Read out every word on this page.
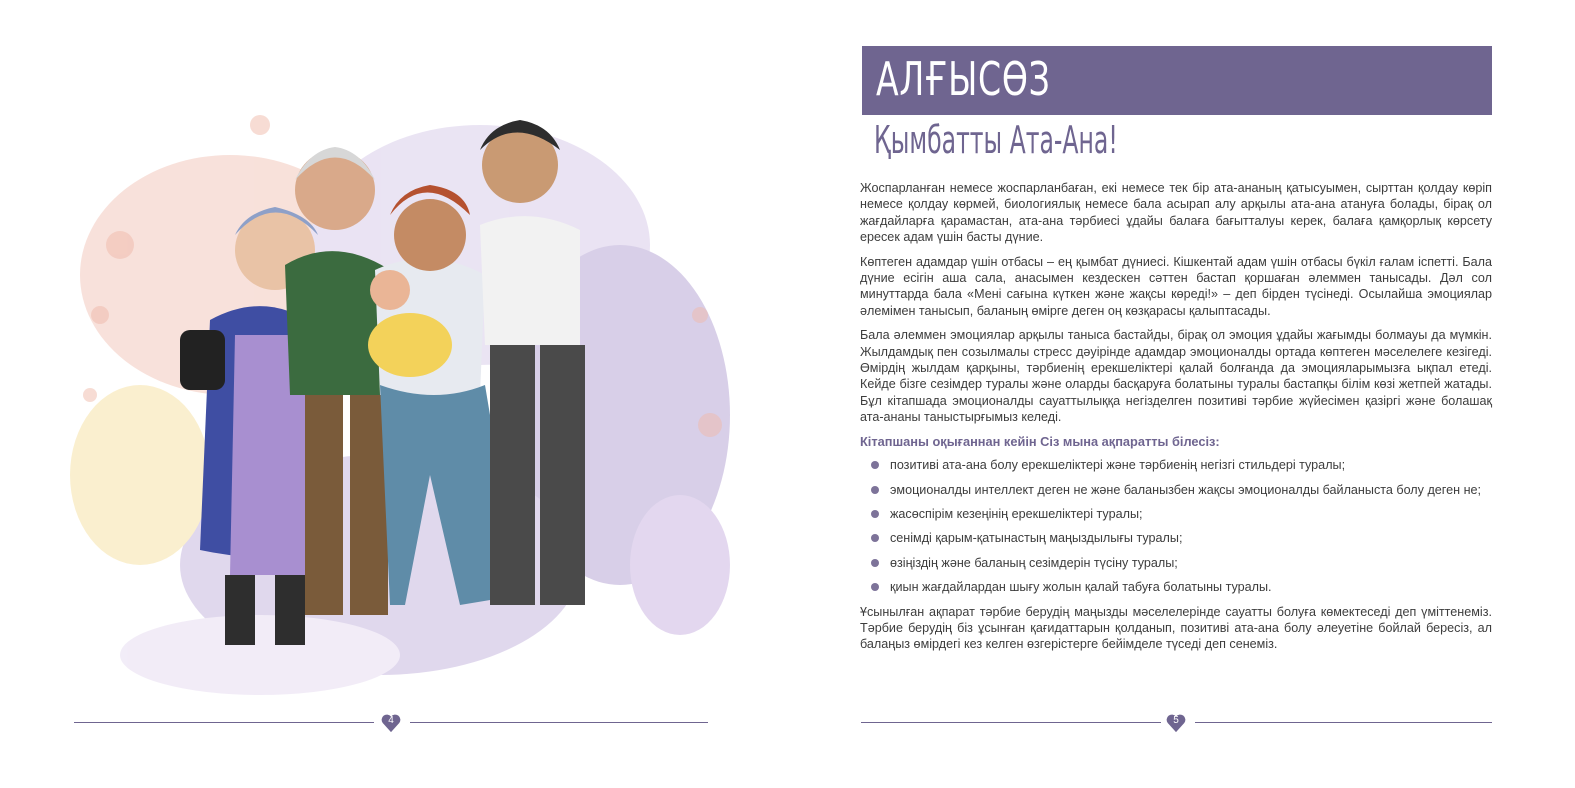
4
АЛҒЫСӨЗ
Қымбатты Ата-Ана!

Жоспарланған немесе жоспарланбаған, екі немесе тек бір ата-ананың қатысуымен, сырттан қолдау көріп немесе қолдау көрмей, биологиялық немесе бала асырап алу арқылы ата-ана атануға болады, бірақ ол жағдайларға қарамастан, ата-ана тәрбиесі ұдайы балаға бағытталуы керек, балаға қамқорлық көрсету ересек адам үшін басты дүние.

Көптеген адамдар үшін отбасы – ең қымбат дүниесі. Кішкентай адам үшін отбасы бүкіл ғалам іспетті. Бала дүние есігін аша сала, анасымен кездескен сәттен бастап қоршаған әлеммен танысады. Дәл сол минуттарда бала «Мені сағына күткен және жақсы көреді!» – деп бірден түсінеді. Осылайша эмоциялар әлемімен танысып, баланың өмірге деген оң көзқарасы қалыптасады.

Бала әлеммен эмоциялар арқылы таныса бастайды, бірақ ол эмоция ұдайы жағымды болмауы да мүмкін. Жылдамдық пен созылмалы стресс дәуірінде адамдар эмоционалды ортада көптеген мәселелеге кезігеді. Өмірдің жылдам қарқыны, тәрбиенің ерекшеліктері қалай болғанда да эмоцияларымызға ықпал етеді. Кейде бізге сезімдер туралы және оларды басқаруға болатыны туралы бастапқы білім көзі жетпей жатады. Бұл кітапшада эмоционалды сауаттылыққа негізделген позитиві тәрбие жүйесімен қазіргі және болашақ ата-ананы таныстырғымыз келеді.

Кітапшаны оқығаннан кейін Сіз мына ақпаратты білесіз:
позитиві ата-ана болу ерекшеліктері және тәрбиенің негізгі стильдері туралы;
эмоционалды интеллект деген не және баланызбен жақсы эмоционалды байланыста болу деген не;
жасөспірім кезеңінің ерекшеліктері туралы;
сенімді қарым-қатынастың маңыздылығы туралы;
өзіңіздің және баланың сезімдерін түсіну туралы;
қиын жағдайлардан шығу жолын қалай табуға болатыны туралы.

Ұсынылған ақпарат тәрбие берудің маңызды мәселелерінде сауатты болуға көмектеседі деп үміттенеміз. Тәрбие берудің біз ұсынған қағидаттарын қолданып, позитиві ата-ана болу әлеуетіне бойлай бересіз, ал балаңыз өмірдегі кез келген өзгерістерге бейімделе түседі деп сенеміз.

5
